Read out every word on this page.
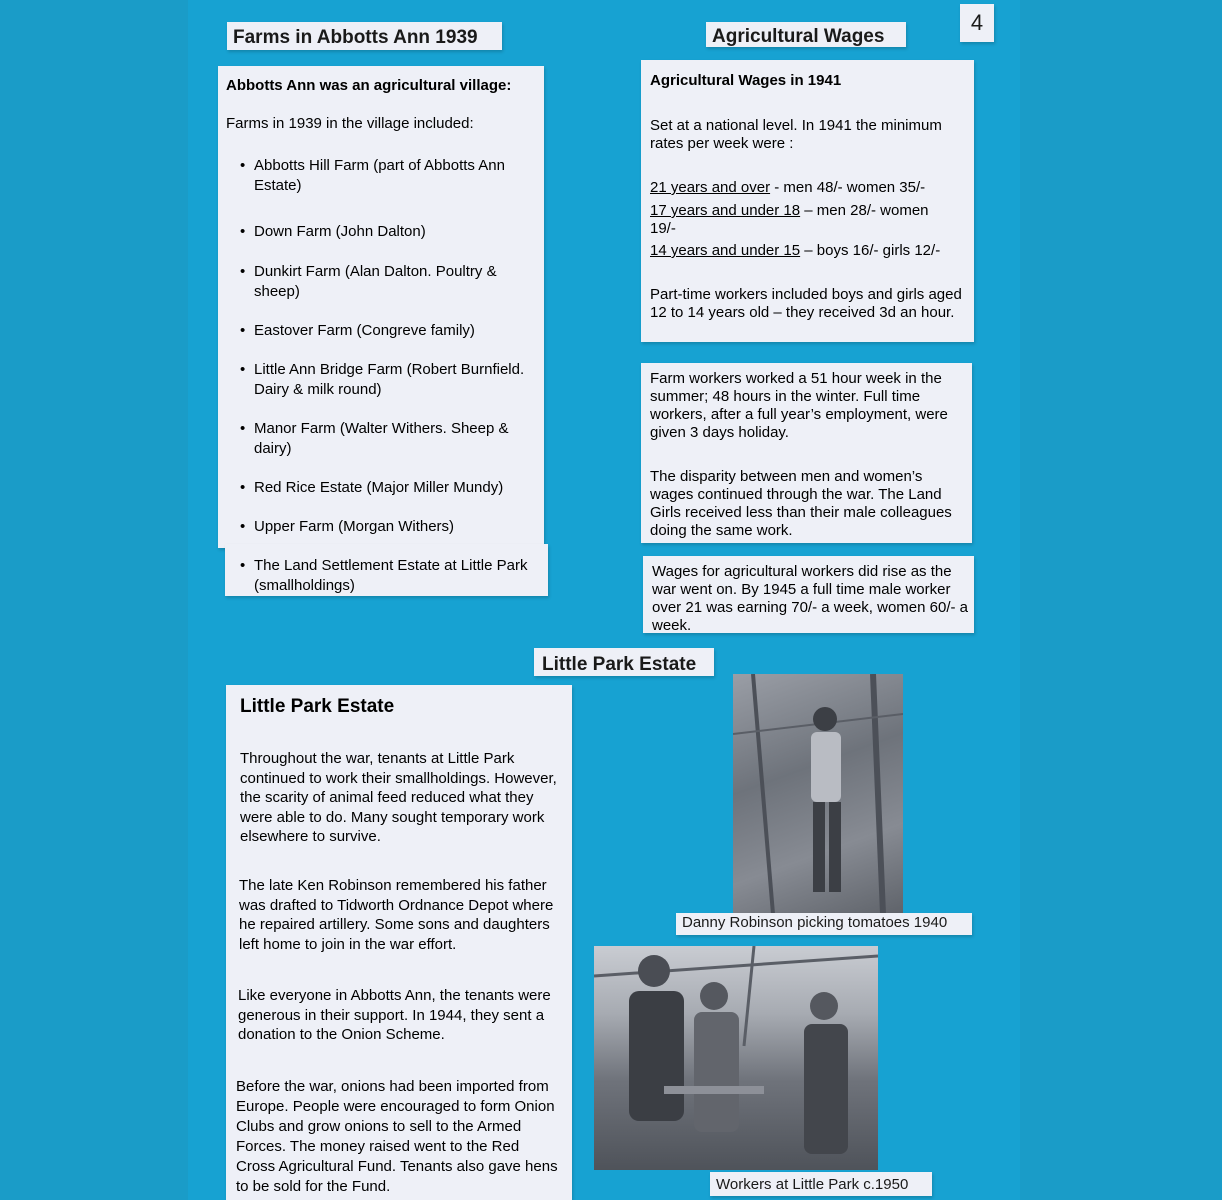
4
Farms in Abbotts Ann 1939

Abbotts Ann was an agricultural village:

Farms in 1939 in the village included:

• Abbotts Hill Farm (part of Abbotts Ann Estate)
• Down Farm (John Dalton)
• Dunkirt Farm (Alan Dalton. Poultry & sheep)
• Eastover Farm (Congreve family)
• Little Ann Bridge Farm (Robert Burnfield. Dairy & milk round)
• Manor Farm (Walter Withers. Sheep & dairy)
• Red Rice Estate (Major Miller Mundy)
• Upper Farm (Morgan Withers)
• The Land Settlement Estate at Little Park (smallholdings)
Agricultural Wages

Agricultural Wages in 1941

Set at a national level. In 1941 the minimum rates per week were :

21 years and over - men 48/- women 35/-

17 years and under 18 – men 28/- women 19/-

14 years and under 15 – boys 16/- girls 12/-

Part-time workers included boys and girls aged 12 to 14 years old – they received 3d an hour.

Farm workers worked a 51 hour week in the summer; 48 hours in the winter. Full time workers, after a full year’s employment, were given 3 days holiday.

The disparity between men and women’s wages continued through the war. The Land Girls received less than their male colleagues doing the same work.

Wages for agricultural workers did rise as the war went on. By 1945 a full time male worker over 21 was earning 70/- a week, women 60/- a week.

Little Park Estate

Little Park Estate

Throughout the war, tenants at Little Park continued to work their smallholdings. However, the scarity of animal feed reduced what they were able to do. Many sought temporary work elsewhere to survive.

The late Ken Robinson remembered his father was drafted to Tidworth Ordnance Depot where he repaired artillery. Some sons and daughters left home to join in the war effort.

Like everyone in Abbotts Ann, the tenants were generous in their support. In 1944, they sent a donation to the Onion Scheme.

Before the war, onions had been imported from Europe. People were encouraged to form Onion Clubs and grow onions to sell to the Armed Forces. The money raised went to the Red Cross Agricultural Fund. Tenants also gave hens to be sold for the Fund.

Danny Robinson picking tomatoes 1940
Workers at Little Park c.1950
